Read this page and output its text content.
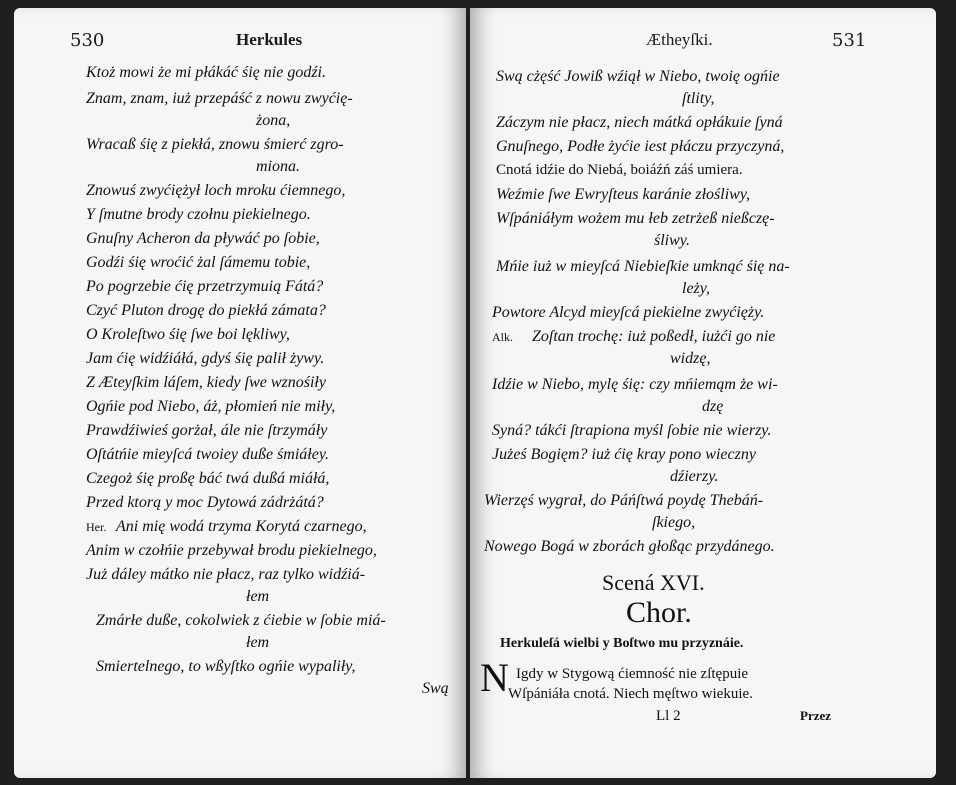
530	Herkules
Ktoż mowi że mi płákáć śię nie godźi.
Znam, znam, iuż przepáść z nowu zwyćię-
żona,
Wracaß śię z piekłá, znowu śmierć zgro-
miona.
Znowuś zwyćiężył loch mroku ćiemnego,
Y ſmutne brody czołnu piekielnego.
Gnuſny Acheron da pływáć po ſobie,
Godźi śię wroćić żal ſámemu tobie,
Po pogrzebie ćię przetrzymuią Fátá?
Czyć Pluton drogę do piekłá zámata?
O Kroleſtwo śię ſwe boi lękliwy,
Jam ćię widźiáłá, gdyś śię palił żywy.
Z Æteyſkim láſem, kiedy ſwe wznośiły
Ogńie pod Niebo, áż, płomień nie miły,
Prawdźiwieś gorżał, ále nie ſtrzymáły
Oſtátńie mieyſcá twoiey duße śmiáłey.
Czegoż śię proßę báć twá dußá miáłá,
Przed ktorą y moc Dytowá zádrżátá?
Her. Ani mię wodá trzyma Korytá czarnego,
Anim w czołńie przebywał brodu piekielnego,
Już dáley mátko nie płacz, raz tylko widźiá-
łem
Zmárłe duße, cokolwiek z ćiebie w ſobie miá-
łem
Smiertelnego, to wßyſtko ogńie wypaliły,
Swą
Ætheyſki.	531
Swą cżęść Jowiß wźiął w Niebo, twoię ogńie
ſtlity,
Záczym nie płacz, niech mátká opłákuie ſyná
Gnuſnego, Podłe żyćie iest płáczu przyczyná,
Cnotá idźie do Niebá, boiáźń záś umiera.
Weźmie ſwe Ewryſteus karánie złośliwy,
Wſpániáłym wożem mu łeb zetrżeß nießczę-
śliwy.
Mńie iuż w mieyſcá Niebieſkie umknąć śię na-
leży,
Powtore Alcyd mieyſcá piekielne zwyćięży.
Alk. Zoſtan trochę: iuż poßedł, iużći go nie
widzę,
Idźie w Niebo, mylę śię: czy mńiemąm że wi-
dzę
Syná? tákći ſtrapiona myśl ſobie nie wierzy.
Jużeś Bogięm? iuż ćię kray pono wieczny
dźierzy.
Wierzęś wygrał, do Páńſtwá poydę Thebáń-
ſkiego,
Nowego Bogá w zborách głoßąc przydánego.
Scená XVI.
Chor.
Herkuleſá wielbi y Boſtwo mu przyznáie.
N Igdy w Stygową ćiemność nie zſtępuie
Wſpániáła cnotá. Niech męſtwo wiekuie.
Ll 2	Przez
